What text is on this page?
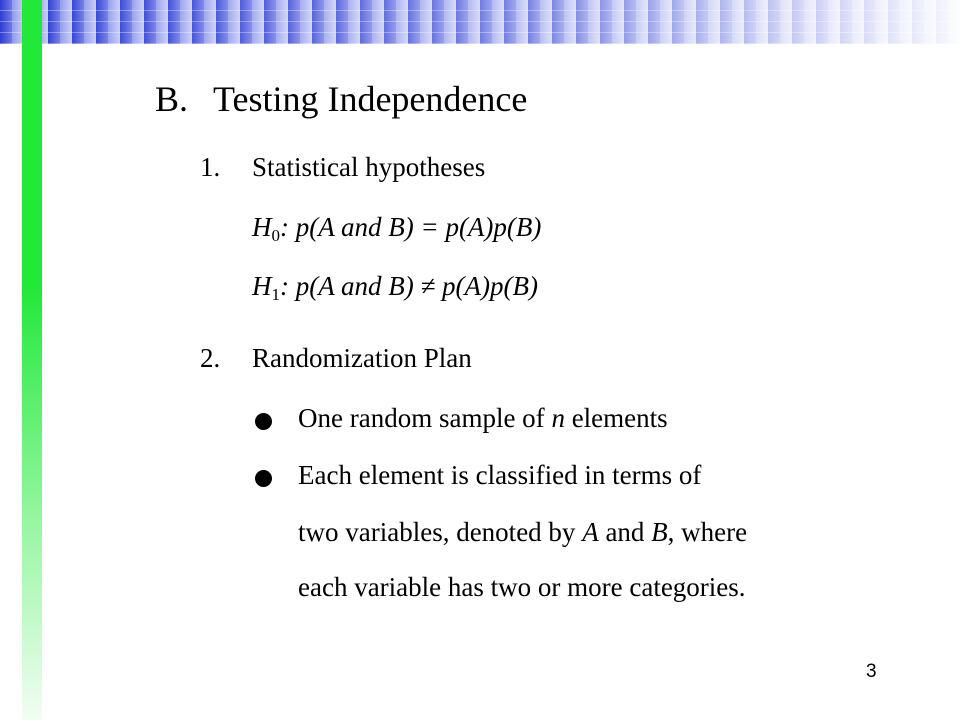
B. Testing Independence
1. Statistical hypotheses
$H_0$: p(A and B) = p(A)p(B)
$H_1$: p(A and B) ≠ p(A)p(B)
2. Randomization Plan
One random sample of n elements
Each element is classified in terms of
two variables, denoted by A and B, where
each variable has two or more categories.
3
